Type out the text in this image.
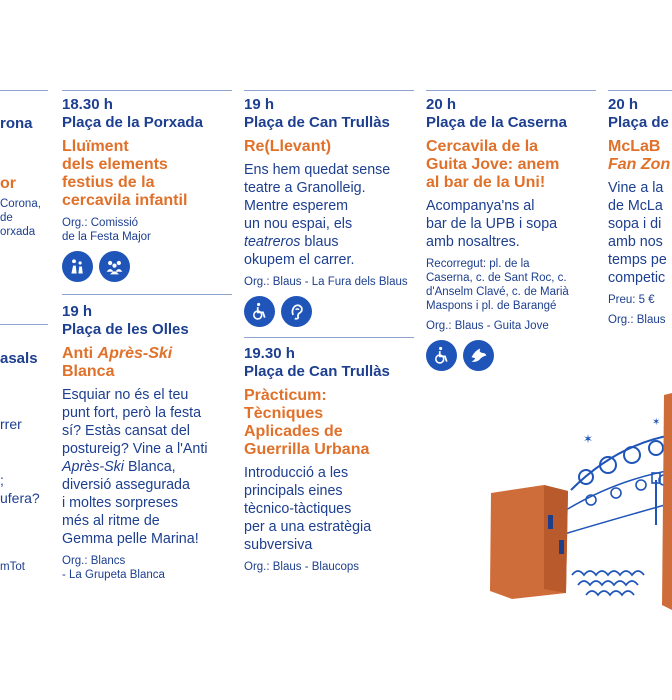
rona
or
Corona,
de
orxada
asals
rrer
;
ufera?
mTot
18.30 h
Plaça de la Porxada
Lluïment
dels elements
festius de la
cercavila infantil
Org.: Comissió
de la Festa Major
19 h
Plaça de les Olles
Anti Après-Ski
Blanca
Esquiar no és el teu
punt fort, però la festa
sí? Estàs cansat del
postureig? Vine a l'Anti
Après-Ski Blanca,
diversió assegurada
i moltes sorpreses
més al ritme de
Gemma pelle Marina!
Org.: Blancs
- La Grupeta Blanca
19 h
Plaça de Can Trullàs
Re(Llevant)
Ens hem quedat sense
teatre a Granolleig.
Mentre esperem
un nou espai, els
teatreros blaus
okupem el carrer.
Org.: Blaus - La Fura dels Blaus
19.30 h
Plaça de Can Trullàs
Pràcticum:
Tècniques
Aplicades de
Guerrilla Urbana
Introducció a les
principals eines
tècnico-tàctiques
per a una estratègia
subversiva
Org.: Blaus - Blaucops
20 h
Plaça de la Caserna
Cercavila de la
Guita Jove: anem
al bar de la Uni!
Acompanya'ns al
bar de la UPB i sopa
amb nosaltres.
Recorregut: pl. de la
Caserna, c. de Sant Roc, c.
d'Anselm Clavé, c. de Marià
Maspons i pl. de Barangé
Org.: Blaus - Guita Jove
20 h
Plaça de
McLaB
Fan Zon
Vine a la
de McLa
sopa i di
amb nos
temps pe
competic
Preu: 5 €
Org.: Blaus
✶
✶
